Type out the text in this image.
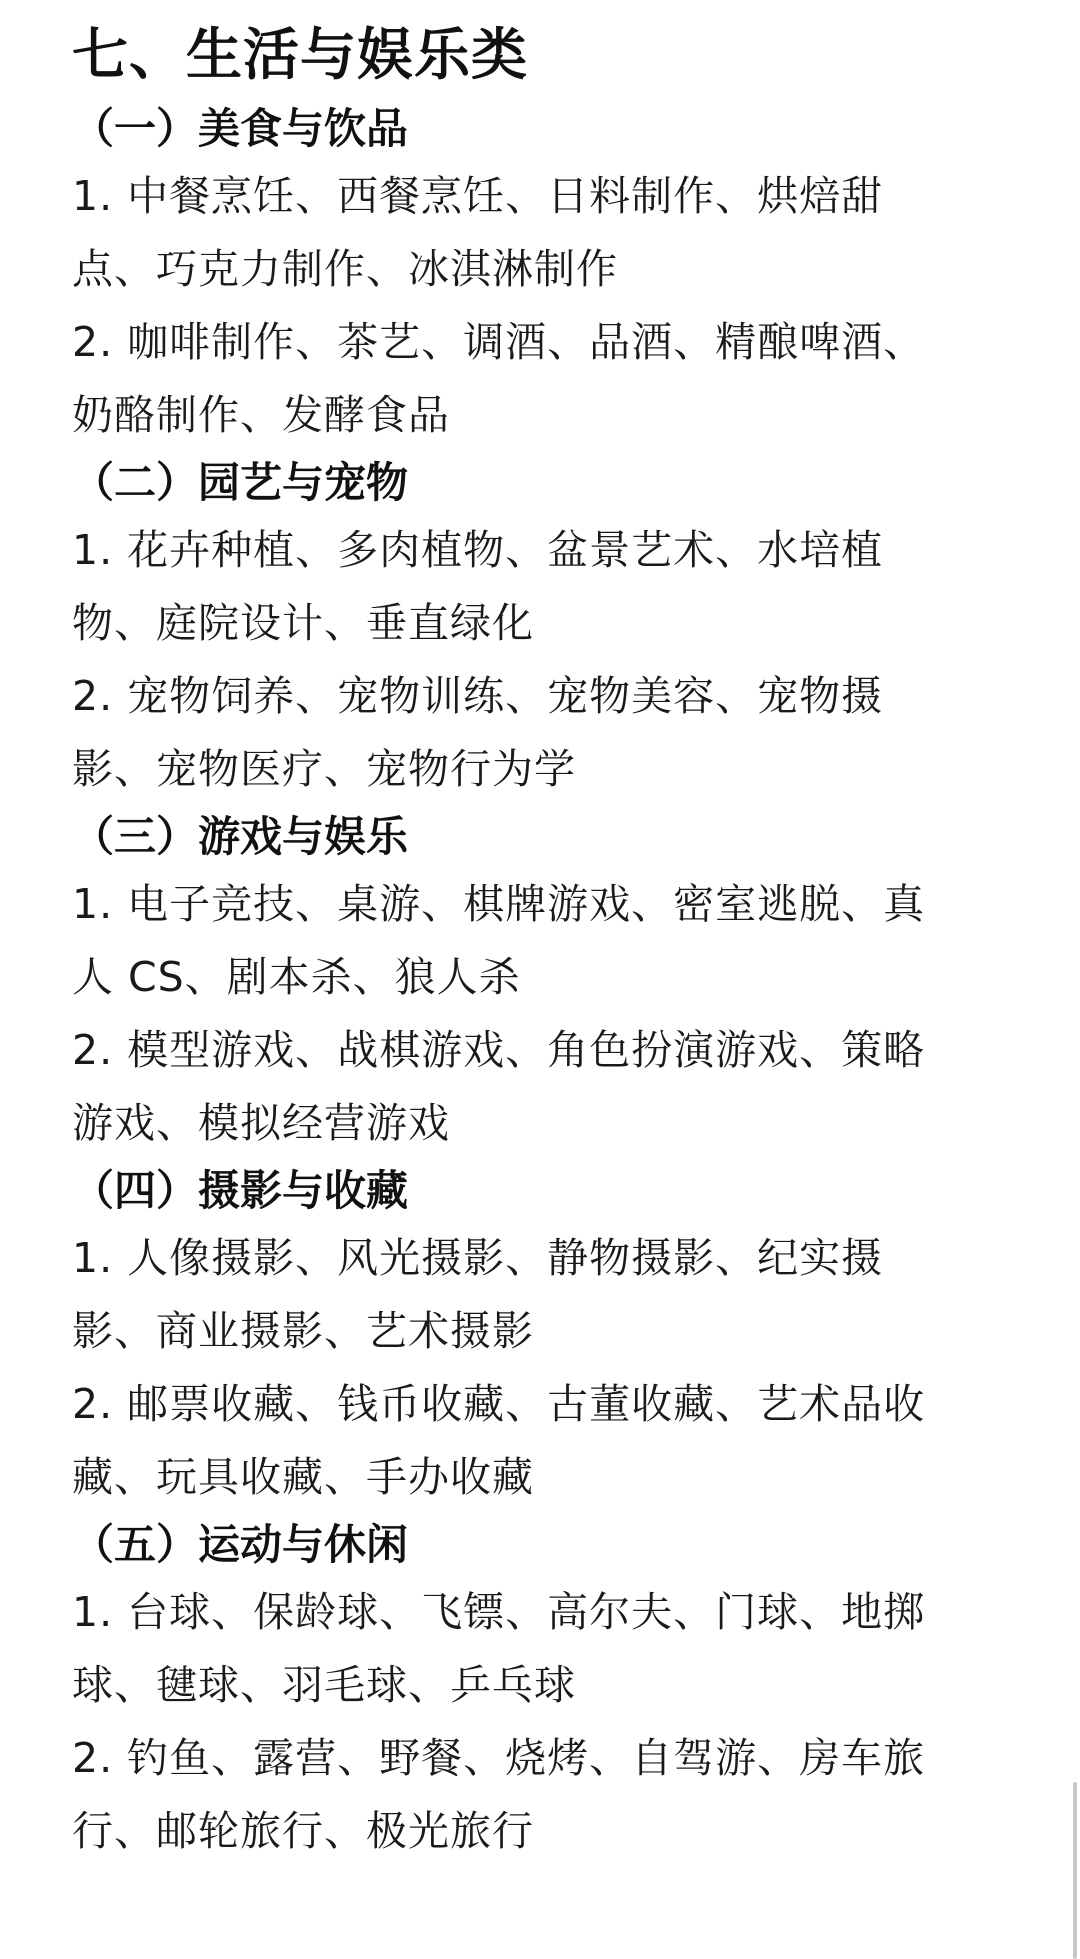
七、生活与娱乐类
（一）美食与饮品
1. 中餐烹饪、西餐烹饪、日料制作、烘焙甜
点、巧克力制作、冰淇淋制作
2. 咖啡制作、茶艺、调酒、品酒、精酿啤酒、
奶酪制作、发酵食品
（二）园艺与宠物
1. 花卉种植、多肉植物、盆景艺术、水培植
物、庭院设计、垂直绿化
2. 宠物饲养、宠物训练、宠物美容、宠物摄
影、宠物医疗、宠物行为学
（三）游戏与娱乐
1. 电子竞技、桌游、棋牌游戏、密室逃脱、真
人 CS、剧本杀、狼人杀
2. 模型游戏、战棋游戏、角色扮演游戏、策略
游戏、模拟经营游戏
（四）摄影与收藏
1. 人像摄影、风光摄影、静物摄影、纪实摄
影、商业摄影、艺术摄影
2. 邮票收藏、钱币收藏、古董收藏、艺术品收
藏、玩具收藏、手办收藏
（五）运动与休闲
1. 台球、保龄球、飞镖、高尔夫、门球、地掷
球、毽球、羽毛球、乒乓球
2. 钓鱼、露营、野餐、烧烤、自驾游、房车旅
行、邮轮旅行、极光旅行
